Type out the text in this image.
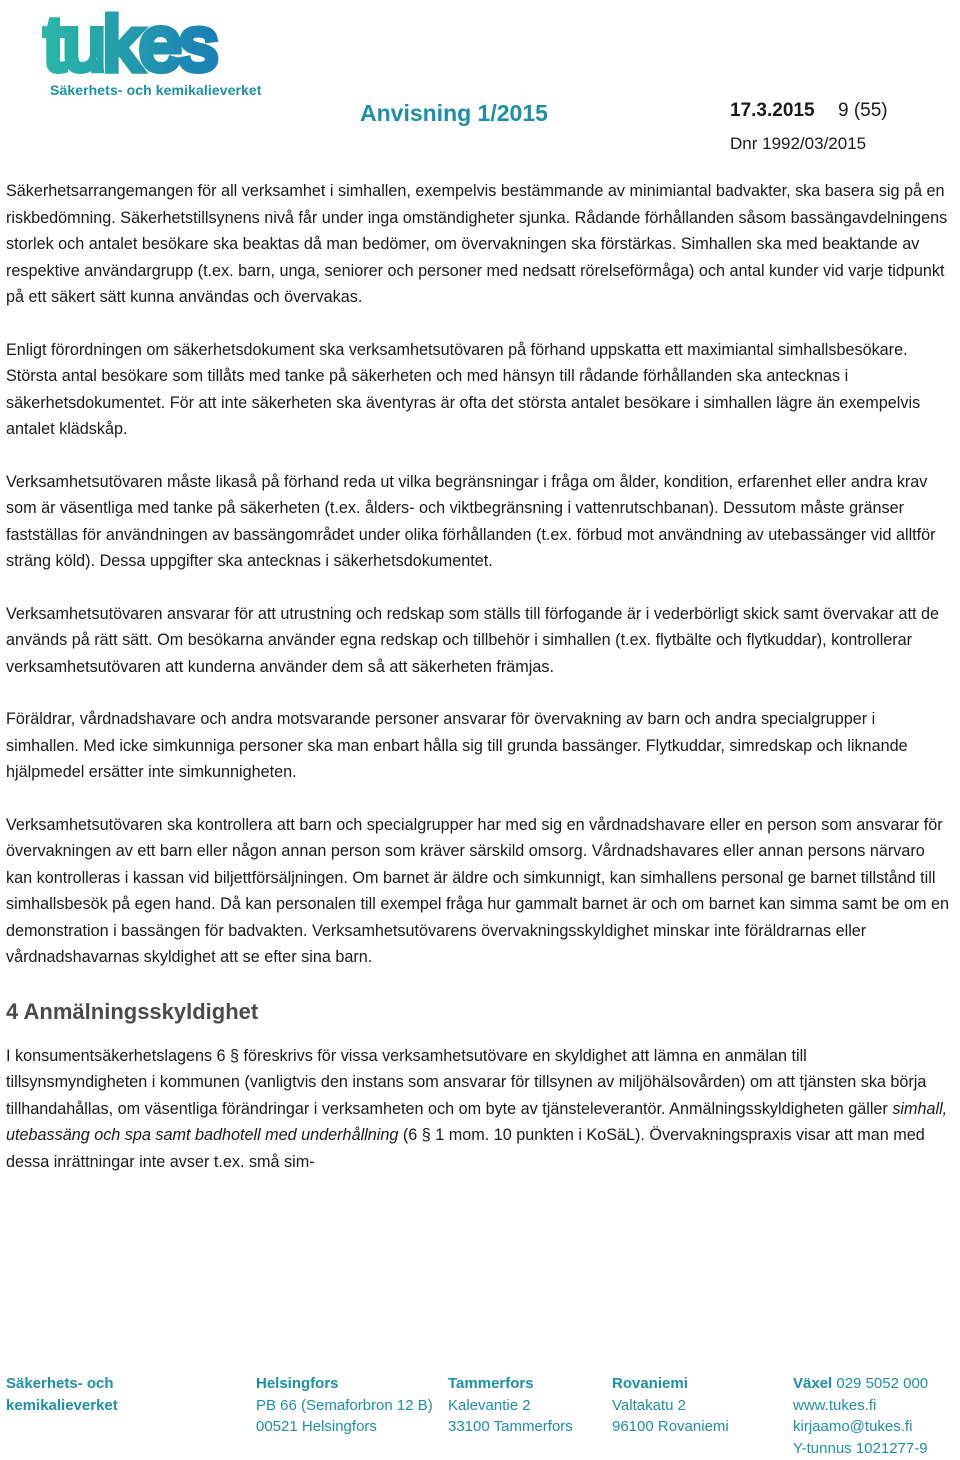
tukes
Säkerhets- och kemikalieverket
Anvisning 1/2015	17.3.2015 9 (55)
Dnr 1992/03/2015

Säkerhetsarrangemangen för all verksamhet i simhallen, exempelvis bestämmande av minimiantal badvakter, ska basera sig på en riskbedömning. Säkerhetstillsynens nivå får under inga omständigheter sjunka. Rådande förhållanden såsom bassängavdelningens storlek och antalet besökare ska beaktas då man bedömer, om övervakningen ska förstärkas. Simhallen ska med beaktande av respektive användargrupp (t.ex. barn, unga, seniorer och personer med nedsatt rörelseförmåga) och antal kunder vid varje tidpunkt på ett säkert sätt kunna användas och övervakas.

Enligt förordningen om säkerhetsdokument ska verksamhetsutövaren på förhand uppskatta ett maximiantal simhallsbesökare. Största antal besökare som tillåts med tanke på säkerheten och med hänsyn till rådande förhållanden ska antecknas i säkerhetsdokumentet. För att inte säkerheten ska äventyras är ofta det största antalet besökare i simhallen lägre än exempelvis antalet klädskåp.

Verksamhetsutövaren måste likaså på förhand reda ut vilka begränsningar i fråga om ålder, kondition, erfarenhet eller andra krav som är väsentliga med tanke på säkerheten (t.ex. ålders- och viktbegränsning i vattenrutschbanan). Dessutom måste gränser fastställas för användningen av bassängområdet under olika förhållanden (t.ex. förbud mot användning av utebassänger vid alltför sträng köld). Dessa uppgifter ska antecknas i säkerhetsdokumentet.

Verksamhetsutövaren ansvarar för att utrustning och redskap som ställs till förfogande är i vederbörligt skick samt övervakar att de används på rätt sätt. Om besökarna använder egna redskap och tillbehör i simhallen (t.ex. flytbälte och flytkuddar), kontrollerar verksamhetsutövaren att kunderna använder dem så att säkerheten främjas.

Föräldrar, vårdnadshavare och andra motsvarande personer ansvarar för övervakning av barn och andra specialgrupper i simhallen. Med icke simkunniga personer ska man enbart hålla sig till grunda bassänger. Flytkuddar, simredskap och liknande hjälpmedel ersätter inte simkunnigheten.

Verksamhetsutövaren ska kontrollera att barn och specialgrupper har med sig en vårdnadshavare eller en person som ansvarar för övervakningen av ett barn eller någon annan person som kräver särskild omsorg. Vårdnadshavares eller annan persons närvaro kan kontrolleras i kassan vid biljettförsäljningen. Om barnet är äldre och simkunnigt, kan simhallens personal ge barnet tillstånd till simhallsbesök på egen hand. Då kan personalen till exempel fråga hur gammalt barnet är och om barnet kan simma samt be om en demonstration i bassängen för badvakten. Verksamhetsutövarens övervakningsskyldighet minskar inte föräldrarnas eller vårdnadshavarnas skyldighet att se efter sina barn.

4 Anmälningsskyldighet

I konsumentsäkerhetslagens 6 § föreskrivs för vissa verksamhetsutövare en skyldighet att lämna en anmälan till tillsynsmyndigheten i kommunen (vanligtvis den instans som ansvarar för tillsynen av miljöhälsovården) om att tjänsten ska börja tillhandahållas, om väsentliga förändringar i verksamheten och om byte av tjänsteleverantör. Anmälningsskyldigheten gäller simhall, utebassäng och spa samt badhotell med underhållning (6 § 1 mom. 10 punkten i KoSäL). Övervakningspraxis visar att man med dessa inrättningar inte avser t.ex. små sim-

Säkerhets- och
kemikalieverket
Helsingfors
PB 66 (Semaforbron 12 B)
00521 Helsingfors
Tammerfors
Kalevantie 2
33100 Tammerfors
Rovaniemi
Valtakatu 2
96100 Rovaniemi
Växel 029 5052 000
www.tukes.fi
kirjaamo@tukes.fi
Y-tunnus 1021277-9
